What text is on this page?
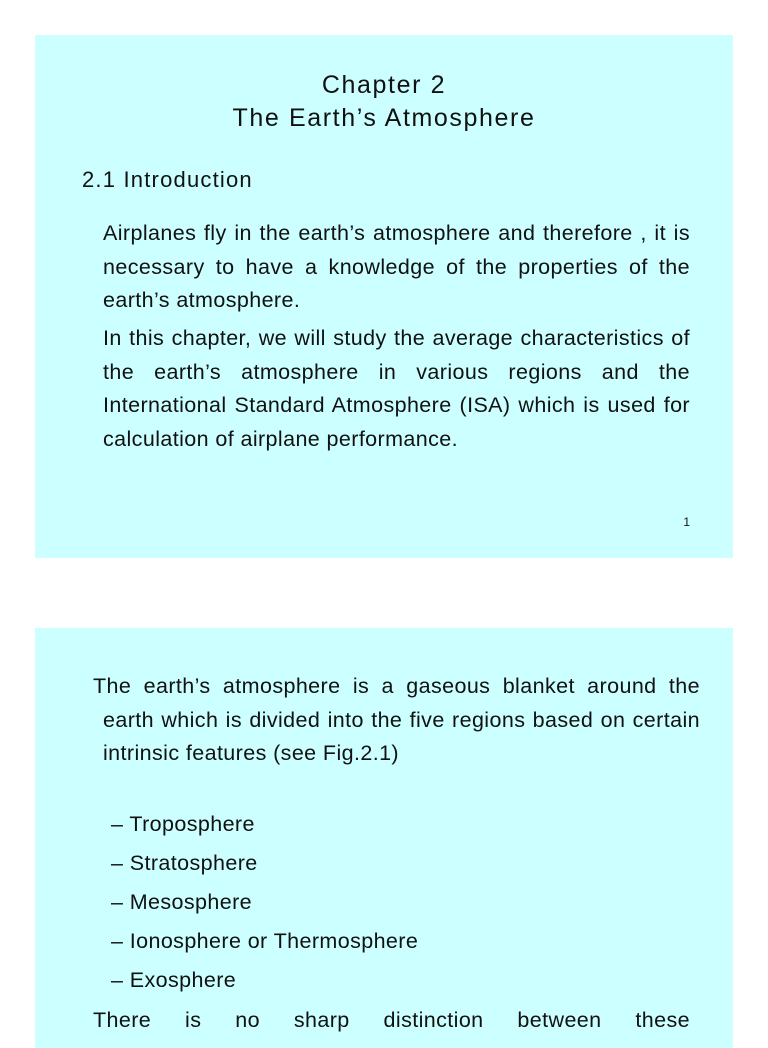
Chapter 2
The Earth’s Atmosphere
2.1 Introduction

Airplanes fly in the earth’s atmosphere and therefore , it is necessary to have a knowledge of the properties of the earth’s atmosphere.

In this chapter, we will study the average characteristics of the earth’s atmosphere in various regions and the International Standard Atmosphere (ISA) which is used for calculation of airplane performance.

1

The earth’s atmosphere is a gaseous blanket around the earth which is divided into the five regions based on certain intrinsic features (see Fig.2.1)

– Troposphere
– Stratosphere
– Mesosphere
– Ionosphere or Thermosphere
– Exosphere

There is no sharp distinction between these
